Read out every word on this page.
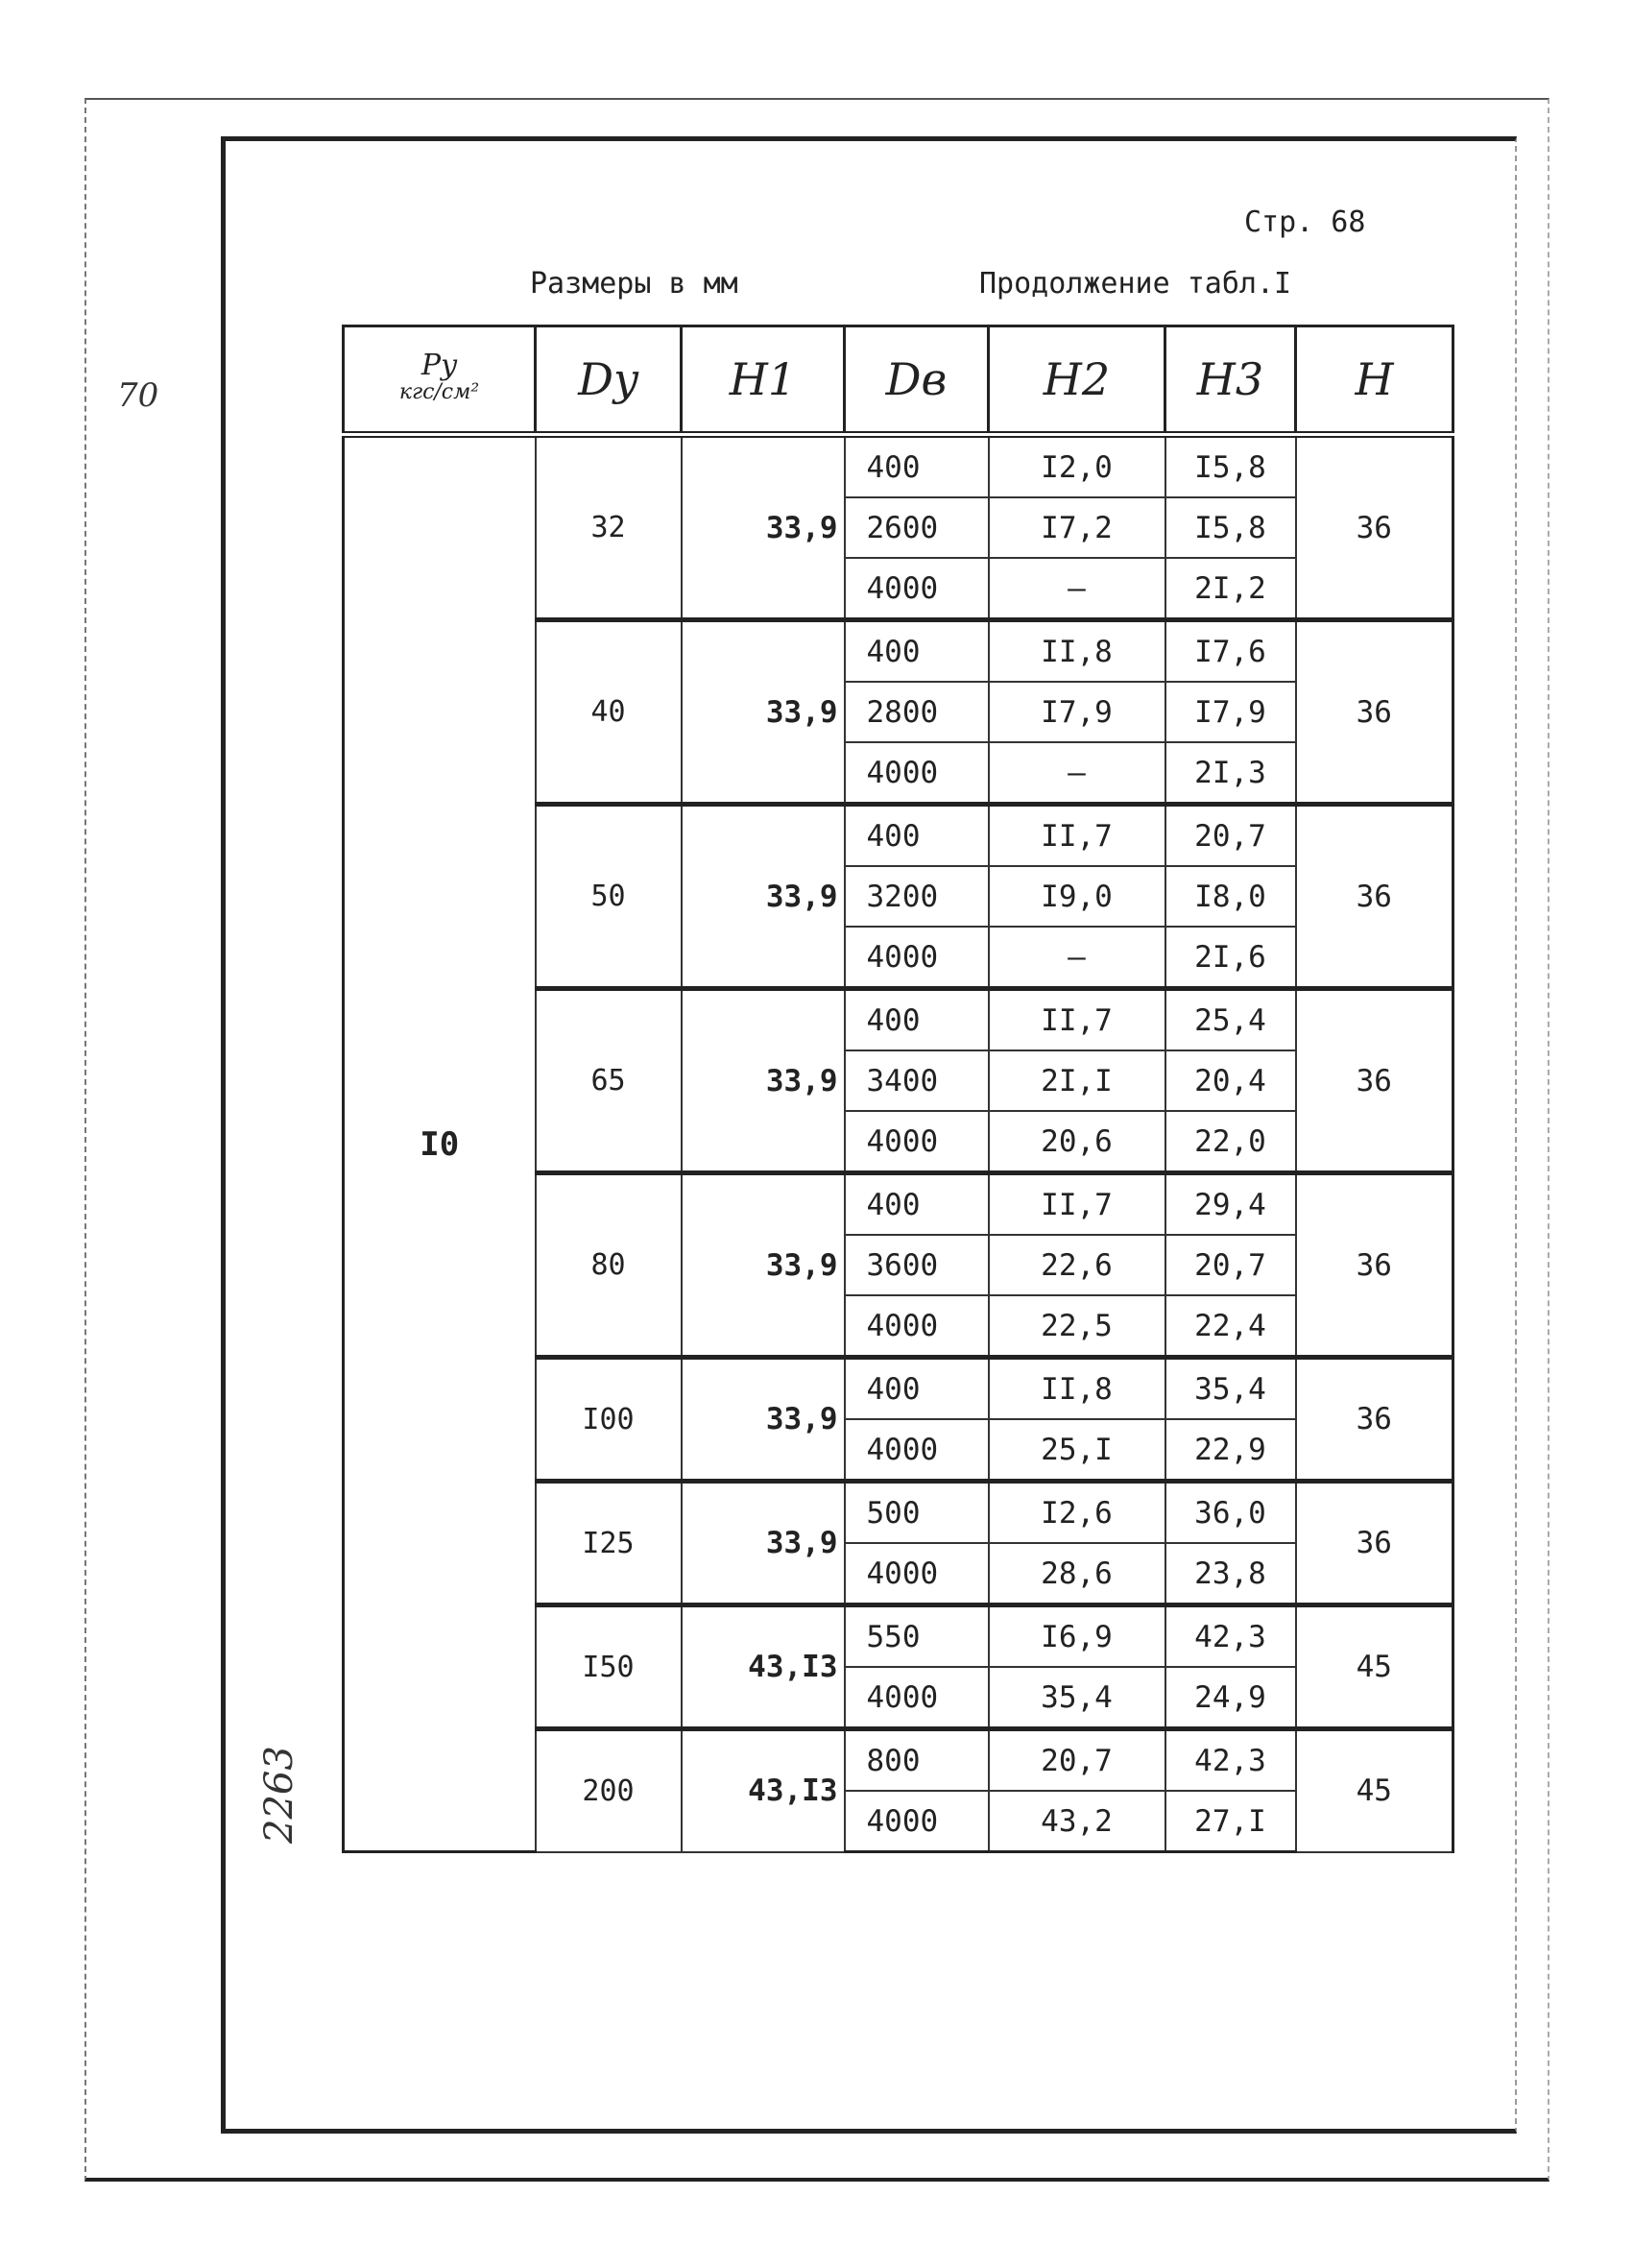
70
2263
Стр. 68
Размеры в мм	Продолжение табл.I
Py
кгс/см²	Dy	H1	Dв	H2	H3	H
I0	32	33,9	400	I2,0	I5,8	36
			2600	I7,2	I5,8	
			4000	–	2I,2	
	40	33,9	400	II,8	I7,6	36
			2800	I7,9	I7,9	
			4000	–	2I,3	
	50	33,9	400	II,7	20,7	36
			3200	I9,0	I8,0	
			4000	–	2I,6	
	65	33,9	400	II,7	25,4	36
			3400	2I,I	20,4	
			4000	20,6	22,0	
	80	33,9	400	II,7	29,4	36
			3600	22,6	20,7	
			4000	22,5	22,4	
	I00	33,9	400	II,8	35,4	36
			4000	25,I	22,9	
	I25	33,9	500	I2,6	36,0	36
			4000	28,6	23,8	
	I50	43,I3	550	I6,9	42,3	45
			4000	35,4	24,9	
	200	43,I3	800	20,7	42,3	45
			4000	43,2	27,I	
